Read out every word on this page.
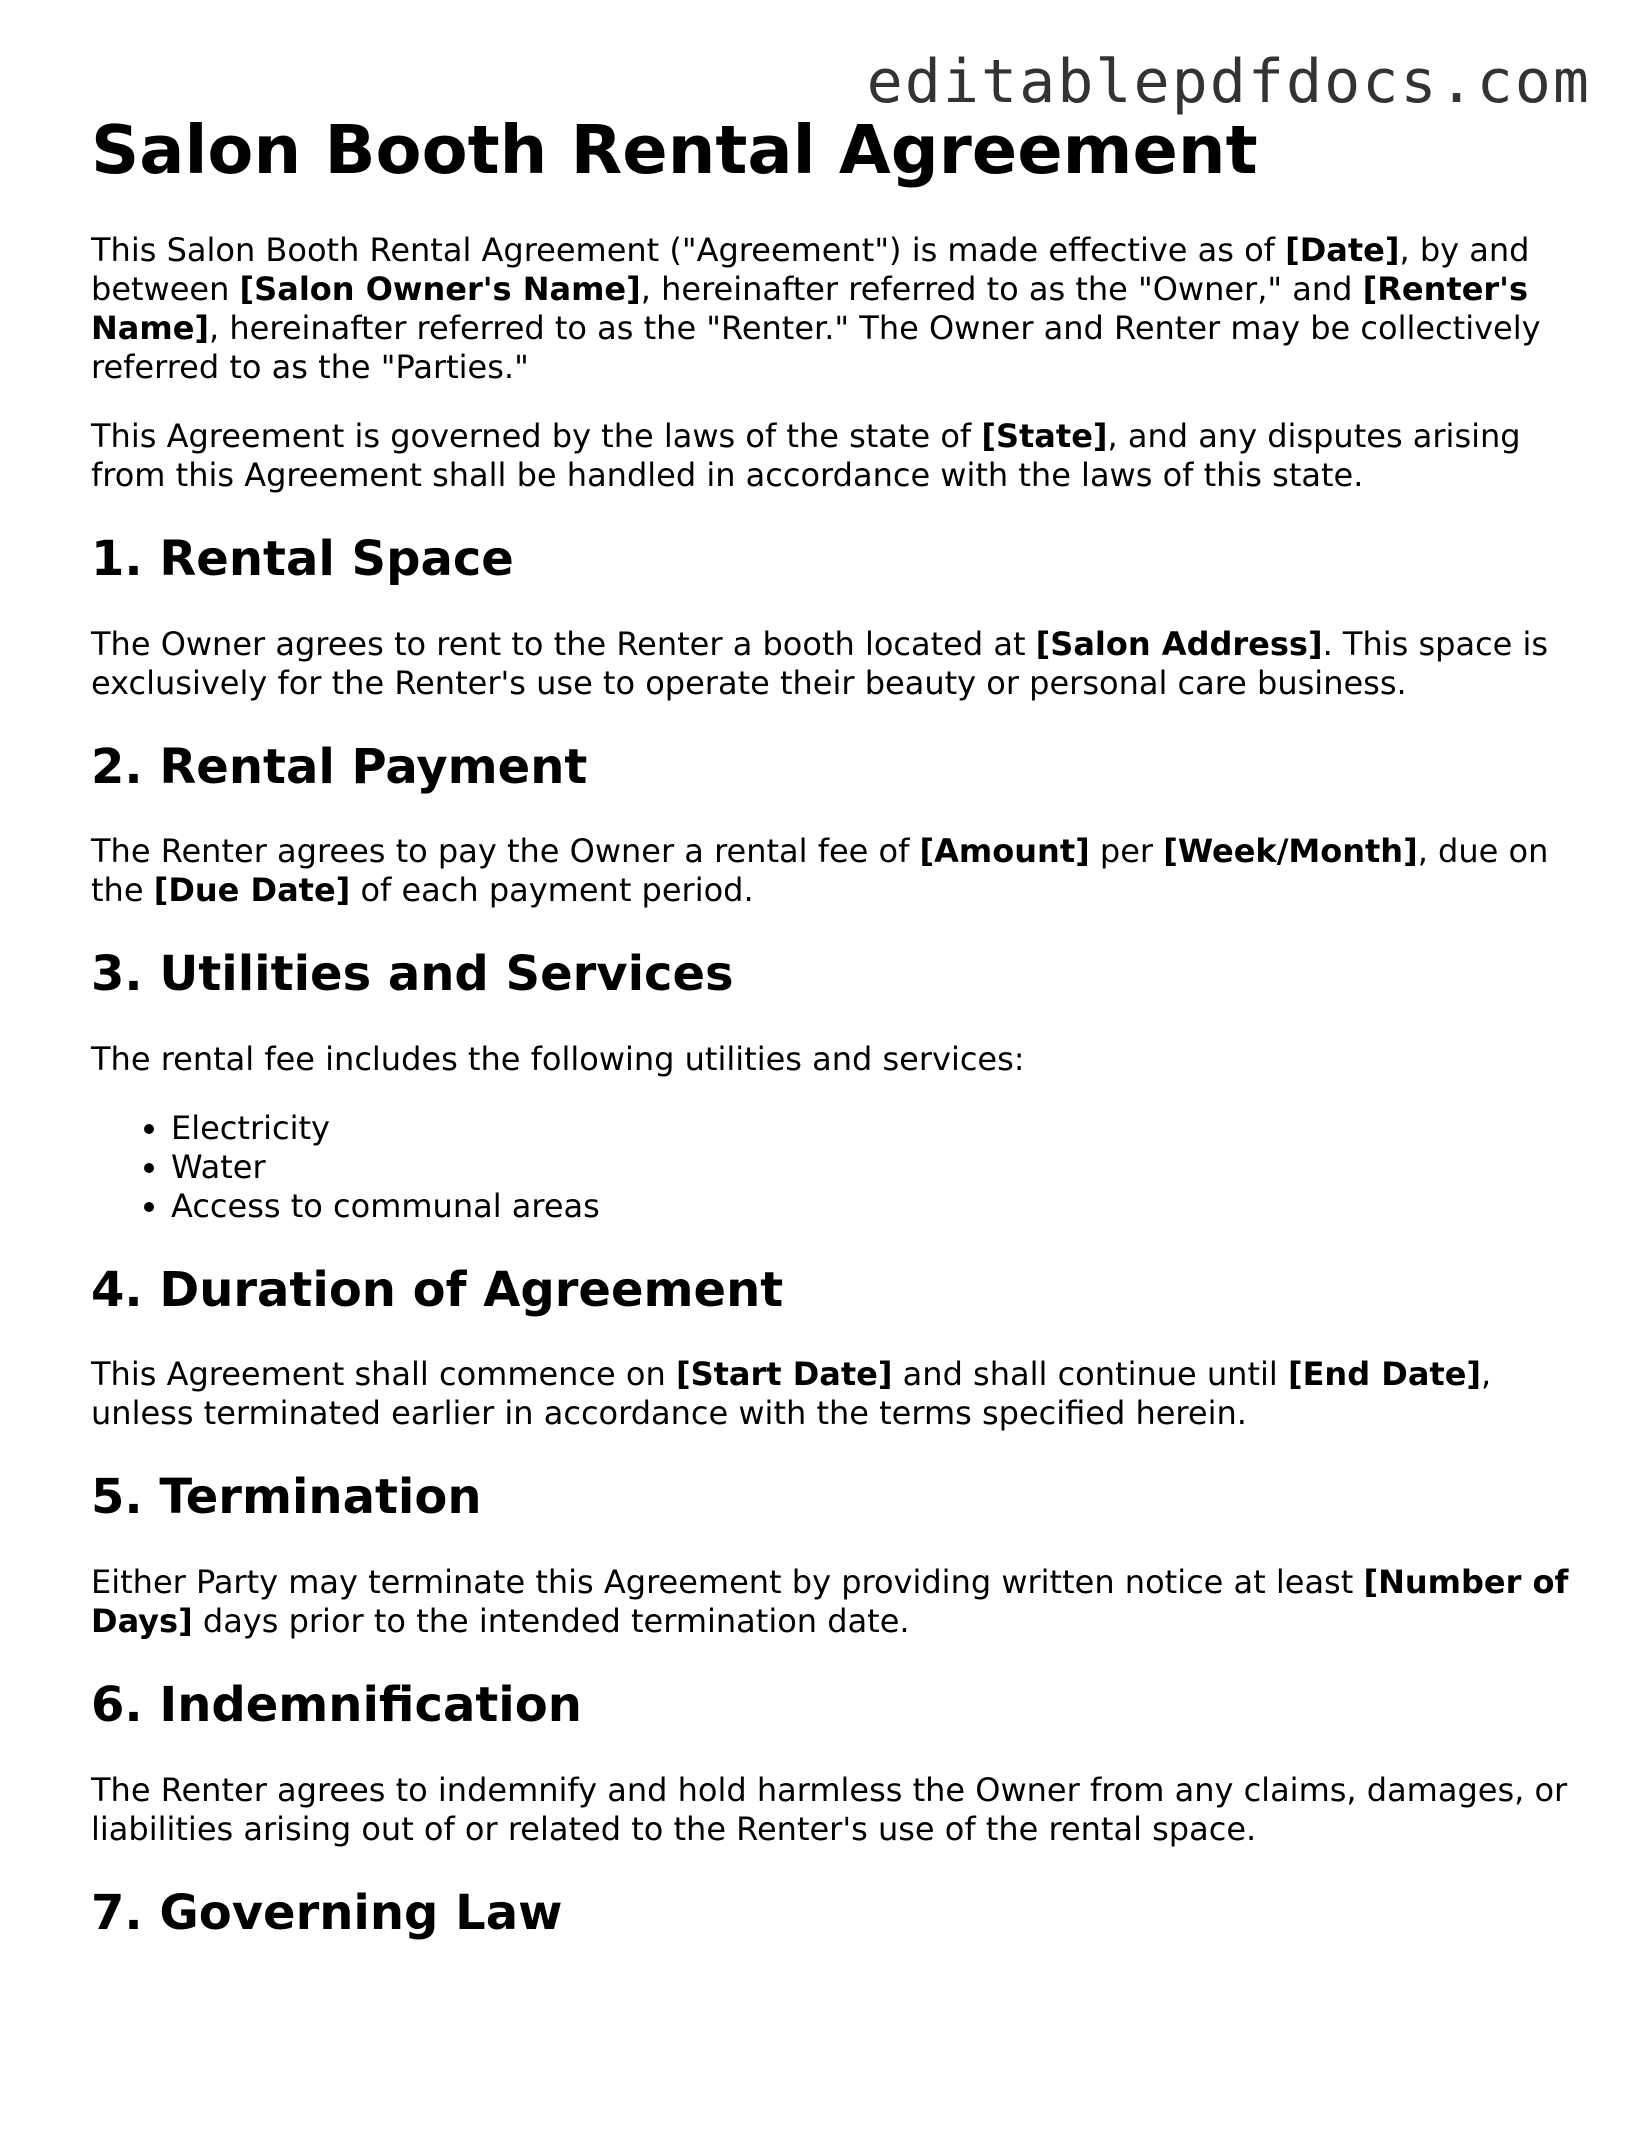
editablepdfdocs.com
Salon Booth Rental Agreement

This Salon Booth Rental Agreement ("Agreement") is made effective as of [Date], by and between [Salon Owner's Name], hereinafter referred to as the "Owner," and [Renter's Name], hereinafter referred to as the "Renter." The Owner and Renter may be collectively referred to as the "Parties."

This Agreement is governed by the laws of the state of [State], and any disputes arising from this Agreement shall be handled in accordance with the laws of this state.

1. Rental Space

The Owner agrees to rent to the Renter a booth located at [Salon Address]. This space is exclusively for the Renter's use to operate their beauty or personal care business.

2. Rental Payment

The Renter agrees to pay the Owner a rental fee of [Amount] per [Week/Month], due on the [Due Date] of each payment period.

3. Utilities and Services

The rental fee includes the following utilities and services:

• Electricity
• Water
• Access to communal areas
4. Duration of Agreement

This Agreement shall commence on [Start Date] and shall continue until [End Date], unless terminated earlier in accordance with the terms specified herein.

5. Termination

Either Party may terminate this Agreement by providing written notice at least [Number of Days] days prior to the intended termination date.

6. Indemnification

The Renter agrees to indemnify and hold harmless the Owner from any claims, damages, or liabilities arising out of or related to the Renter's use of the rental space.

7. Governing Law
